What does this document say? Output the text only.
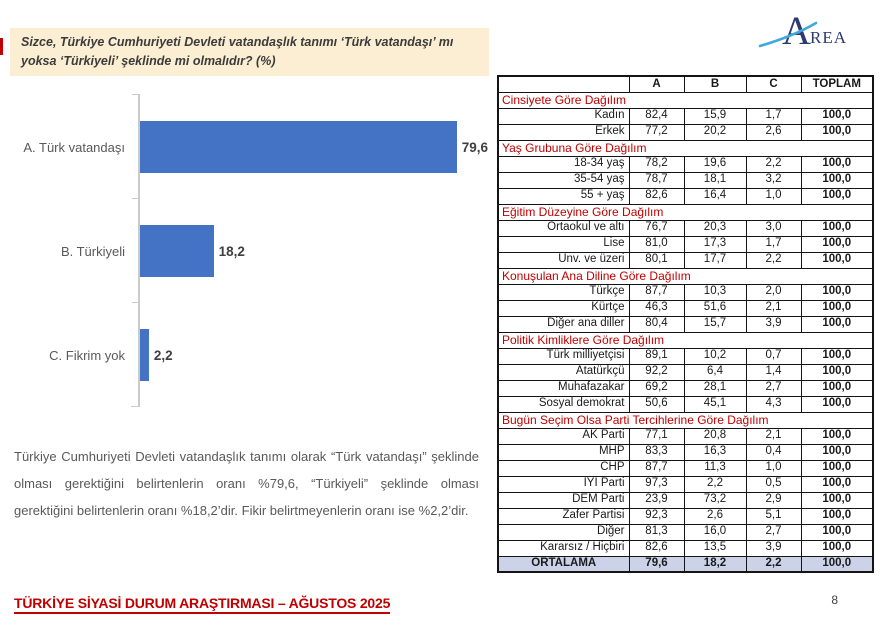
Sizce, Türkiye Cumhuriyeti Devleti vatandaşlık tanımı ‘Türk vatandaşı’ mı yoksa ‘Türkiyeli’ şeklinde mi olmalıdır? (%)

A REA
A. Türk vatandaşı	79,6
B. Türkiyeli	18,2
C. Fikrim yok	2,2

Türkiye Cumhuriyeti Devleti vatandaşlık tanımı olarak “Türk vatandaşı” şeklinde olması gerektiğini belirtenlerin oranı %79,6, “Türkiyeli” şeklinde olması gerektiğini belirtenlerin oranı %18,2’dir. Fikir belirtmeyenlerin oranı ise %2,2’dir.

	A	B	C	TOPLAM
Cinsiyete Göre Dağılım				
Kadın	82,4	15,9	1,7	100,0
Erkek	77,2	20,2	2,6	100,0
Yaş Grubuna Göre Dağılım				
18-34 yaş	78,2	19,6	2,2	100,0
35-54 yaş	78,7	18,1	3,2	100,0
55 + yaş	82,6	16,4	1,0	100,0
Eğitim Düzeyine Göre Dağılım				
Ortaokul ve altı	76,7	20,3	3,0	100,0
Lise	81,0	17,3	1,7	100,0
Ünv. ve üzeri	80,1	17,7	2,2	100,0
Konuşulan Ana Diline Göre Dağılım				
Türkçe	87,7	10,3	2,0	100,0
Kürtçe	46,3	51,6	2,1	100,0
Diğer ana diller	80,4	15,7	3,9	100,0
Politik Kimliklere Göre Dağılım				
Türk milliyetçisi	89,1	10,2	0,7	100,0
Atatürkçü	92,2	6,4	1,4	100,0
Muhafazakar	69,2	28,1	2,7	100,0
Sosyal demokrat	50,6	45,1	4,3	100,0
Bugün Seçim Olsa Parti Tercihlerine Göre Dağılım				
AK Parti	77,1	20,8	2,1	100,0
MHP	83,3	16,3	0,4	100,0
CHP	87,7	11,3	1,0	100,0
İYİ Parti	97,3	2,2	0,5	100,0
DEM Parti	23,9	73,2	2,9	100,0
Zafer Partisi	92,3	2,6	5,1	100,0
Diğer	81,3	16,0	2,7	100,0
Kararsız / Hiçbiri	82,6	13,5	3,9	100,0
ORTALAMA	79,6	18,2	2,2	100,0
TÜRKİYE SİYASİ DURUM ARAŞTIRMASI – AĞUSTOS 2025	8
